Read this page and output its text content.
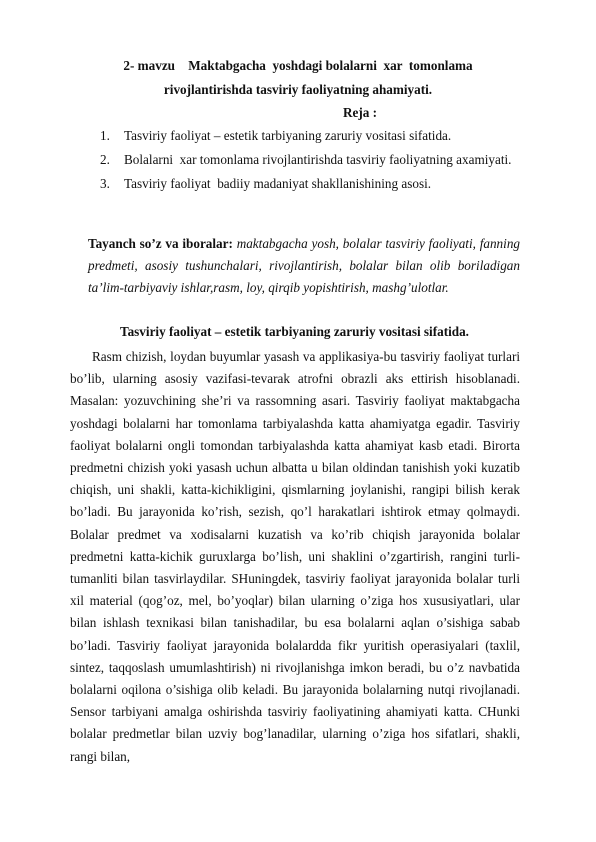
2- mavzu    Maktabgacha  yoshdagi bolalarni  xar  tomonlama
rivojlantirishda tasviriy faoliyatning ahamiyati.
Reja :
1. Tasviriy faoliyat – estetik tarbiyaning zaruriy vositasi sifatida.
2. Bolalarni  xar tomonlama rivojlantirishda tasviriy faoliyatning axamiyati.
3. Tasviriy faoliyat  badiiy madaniyat shakllanishining asosi.
Tayanch so’z va iboralar: maktabgacha yosh, bolalar tasviriy faoliyati, fanning predmeti, asosiy tushunchalari, rivojlantirish, bolalar bilan olib boriladigan ta’lim-tarbiyaviy ishlar,rasm, loy, qirqib yopishtirish, mashg’ulotlar.
Tasviriy faoliyat – estetik tarbiyaning zaruriy vositasi sifatida.
Rasm chizish, loydan buyumlar yasash va applikasiya-bu tasviriy faoliyat turlari bo’lib, ularning asosiy vazifasi-tevarak atrofni obrazli aks ettirish hisoblanadi. Masalan: yozuvchining she’ri va rassomning asari. Tasviriy faoliyat maktabgacha yoshdagi bolalarni har tomonlama tarbiyalashda katta ahamiyatga egadir. Tasviriy faoliyat bolalarni ongli tomondan tarbiyalashda katta ahamiyat kasb etadi. Birorta predmetni chizish yoki yasash uchun albatta u bilan oldindan tanishish yoki kuzatib chiqish, uni shakli, katta-kichikligini, qismlarning joylanishi, rangipi bilish kerak bo’ladi. Bu jarayonida ko’rish, sezish, qo’l harakatlari ishtirok etmay qolmaydi. Bolalar predmet va xodisalarni kuzatish va ko’rib chiqish jarayonida bolalar predmetni katta-kichik guruxlarga bo’lish, uni shaklini o’zgartirish, rangini turli-tumanliti bilan tasvirlaydilar. SHuningdek, tasviriy faoliyat jarayonida bolalar turli xil material (qog’oz, mel, bo’yoqlar) bilan ularning o’ziga hos xususiyatlari, ular bilan ishlash texnikasi bilan tanishadilar, bu esa bolalarni aqlan o’sishiga sabab bo’ladi. Tasviriy faoliyat jarayonida bolalardda fikr yuritish operasiyalari (taxlil, sintez, taqqoslash umumlashtirish) ni rivojlanishga imkon beradi, bu o’z navbatida bolalarni oqilona o’sishiga olib keladi. Bu jarayonida bolalarning nutqi rivojlanadi. Sensor tarbiyani amalga oshirishda tasviriy faoliyatining ahamiyati katta. CHunki bolalar predmetlar bilan uzviy bog’lanadilar, ularning o’ziga hos sifatlari, shakli, rangi bilan,
